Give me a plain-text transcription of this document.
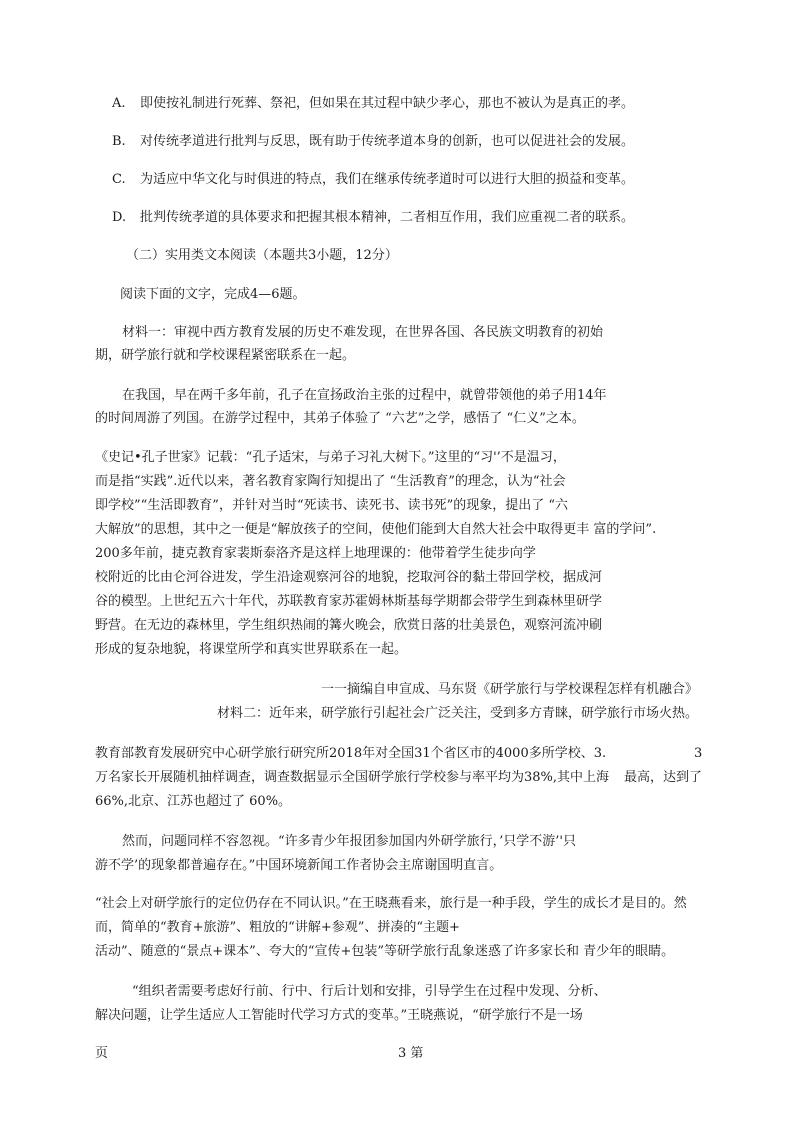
A. 即使按礼制进行死葬、祭祀，但如果在其过程中缺少孝心，那也不被认为是真正的孝。
B. 对传统孝道进行批判与反思，既有助于传统孝道本身的创新，也可以促进社会的发展。
C. 为适应中华文化与时俱进的特点，我们在继承传统孝道时可以进行大胆的损益和变革。
D. 批判传统孝道的具体要求和把握其根本精神，二者相互作用，我们应重视二者的联系。
（二）实用类文本阅读（本题共3小题，12分）
阅读下面的文字，完成4—6题。
材料一：审视中西方教育发展的历史不难发现，在世界各国、各民族文明教育的初始
期，研学旅行就和学校课程紧密联系在一起。
在我国，早在两千多年前，孔子在宣扬政治主张的过程中，就曾带领他的弟子用14年
的时间周游了列国。在游学过程中，其弟子体验了 “六艺”之学，感悟了 “仁义”之本。
《史记•孔子世家》记载：“孔子适宋，与弟子习礼大树下。”这里的“习'’不是温习，
而是指“实践”.近代以来，著名教育家陶行知提出了 “生活教育”的理念，认为“社会
即学校”“生活即教育”，并针对当时“死读书、读死书、读书死”的现象，提出了 “六
大解放”的思想，其中之一便是“解放孩子的空间，使他们能到大自然大社会中取得更丰 富的学问”.
200多年前，捷克教育家裴斯泰洛齐是这样上地理课的：他带着学生徒步向学
校附近的比由仑河谷进发，学生沿途观察河谷的地貌，挖取河谷的黏土带回学校，据成河
谷的模型。上世纪五六十年代，苏联教育家苏霍姆林斯基每学期都会带学生到森林里研学
野营。在无边的森林里，学生组织热闹的篝火晚会，欣赏日落的壮美景色，观察河流冲刷
形成的复杂地貌，将课堂所学和真实世界联系在一起。
一一摘编自申宣成、马东贤《研学旅行与学校课程怎样有机融合》
材料二：近年来，研学旅行引起社会广泛关注，受到多方青睐，研学旅行市场火热。
教育部教育发展研究中心研学旅行研究所2018年对全国31个省区市的4000多所学校、3.	3
万名家长开展随机抽样调查，调查数据显示全国研学旅行学校参与率平均为38%,其中上海 最高，达到了
66%,北京、江苏也超过了 60%。
然而，问题同样不容忽视。“许多青少年报团参加国内外研学旅行，’只学不游’'只
游不学’的现象都普遍存在。”中国环境新闻工作者协会主席谢国明直言。
“社会上对研学旅行的定位仍存在不同认识。”在王晓燕看来，旅行是一种手段，学生的成长才是目的。然
而，简单的“教育+旅游”、粗放的“讲解+参观”、拼凑的“主题+
活动”、随意的“景点+课本”、夸大的“宣传+包装”等研学旅行乱象迷惑了许多家长和 青少年的眼睛。
“组织者需要考虑好行前、行中、行后计划和安排，引导学生在过程中发现、分析、
解决问题，让学生适应人工智能时代学习方式的变革。”王晓燕说，“研学旅行不是一场
页	3 第
